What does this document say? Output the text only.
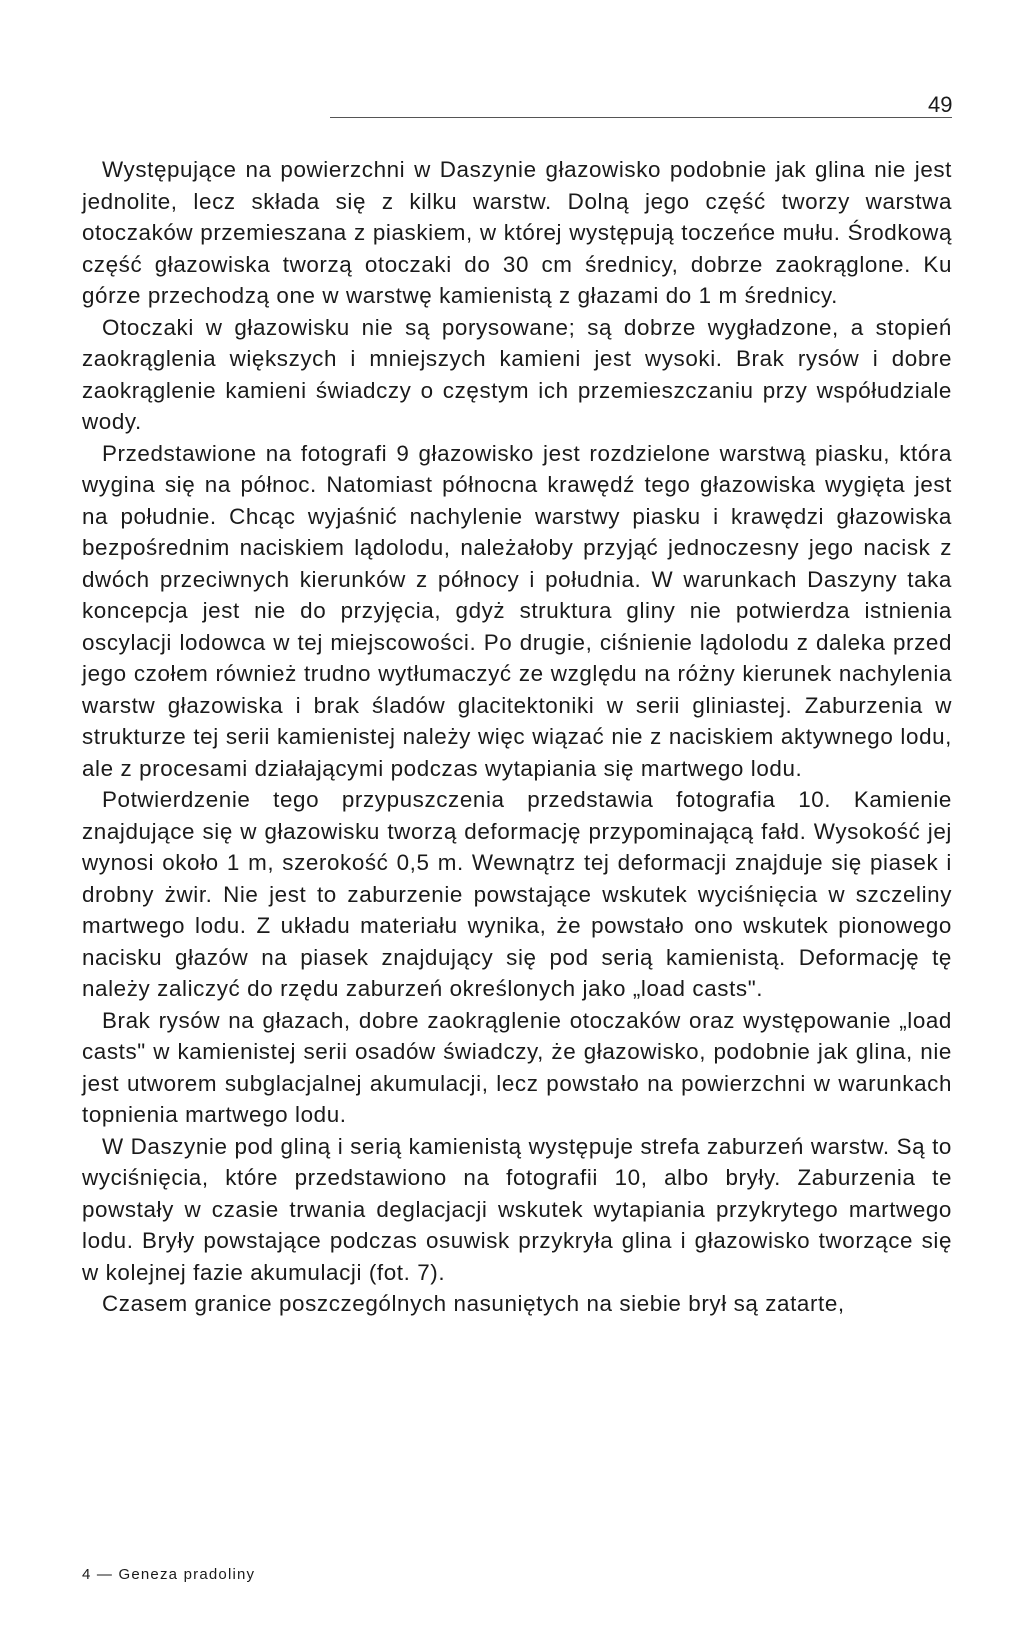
49

Występujące na powierzchni w Daszynie głazowisko podobnie jak glina nie jest jednolite, lecz składa się z kilku warstw. Dolną jego część tworzy warstwa otoczaków przemieszana z piaskiem, w której występują toczeńce mułu. Środkową część głazowiska tworzą otoczaki do 30 cm średnicy, dobrze zaokrąglone. Ku górze przechodzą one w warstwę kamienistą z głazami do 1 m średnicy.

Otoczaki w głazowisku nie są porysowane; są dobrze wygładzone, a stopień zaokrąglenia większych i mniejszych kamieni jest wysoki. Brak rysów i dobre zaokrąglenie kamieni świadczy o częstym ich przemieszczaniu przy współudziale wody.

Przedstawione na fotografi 9 głazowisko jest rozdzielone warstwą piasku, która wygina się na północ. Natomiast północna krawędź tego głazowiska wygięta jest na południe. Chcąc wyjaśnić nachylenie warstwy piasku i krawędzi głazowiska bezpośrednim naciskiem lądolodu, należałoby przyjąć jednoczesny jego nacisk z dwóch przeciwnych kierunków z północy i południa. W warunkach Daszyny taka koncepcja jest nie do przyjęcia, gdyż struktura gliny nie potwierdza istnienia oscylacji lodowca w tej miejscowości. Po drugie, ciśnienie lądolodu z daleka przed jego czołem również trudno wytłumaczyć ze względu na różny kierunek nachylenia warstw głazowiska i brak śladów glacitektoniki w serii gliniastej. Zaburzenia w strukturze tej serii kamienistej należy więc wiązać nie z naciskiem aktywnego lodu, ale z procesami działającymi podczas wytapiania się martwego lodu.

Potwierdzenie tego przypuszczenia przedstawia fotografia 10. Kamienie znajdujące się w głazowisku tworzą deformację przypominającą fałd. Wysokość jej wynosi około 1 m, szerokość 0,5 m. Wewnątrz tej deformacji znajduje się piasek i drobny żwir. Nie jest to zaburzenie powstające wskutek wyciśnięcia w szczeliny martwego lodu. Z układu materiału wynika, że powstało ono wskutek pionowego nacisku głazów na piasek znajdujący się pod serią kamienistą. Deformację tę należy zaliczyć do rzędu zaburzeń określonych jako „load casts".

Brak rysów na głazach, dobre zaokrąglenie otoczaków oraz występowanie „load casts" w kamienistej serii osadów świadczy, że głazowisko, podobnie jak glina, nie jest utworem subglacjalnej akumulacji, lecz powstało na powierzchni w warunkach topnienia martwego lodu.

W Daszynie pod gliną i serią kamienistą występuje strefa zaburzeń warstw. Są to wyciśnięcia, które przedstawiono na fotografii 10, albo bryły. Zaburzenia te powstały w czasie trwania deglacjacji wskutek wytapiania przykrytego martwego lodu. Bryły powstające podczas osuwisk przykryła glina i głazowisko tworzące się w kolejnej fazie akumulacji (fot. 7).

Czasem granice poszczególnych nasuniętych na siebie brył są zatarte,

4 — Geneza pradoliny
